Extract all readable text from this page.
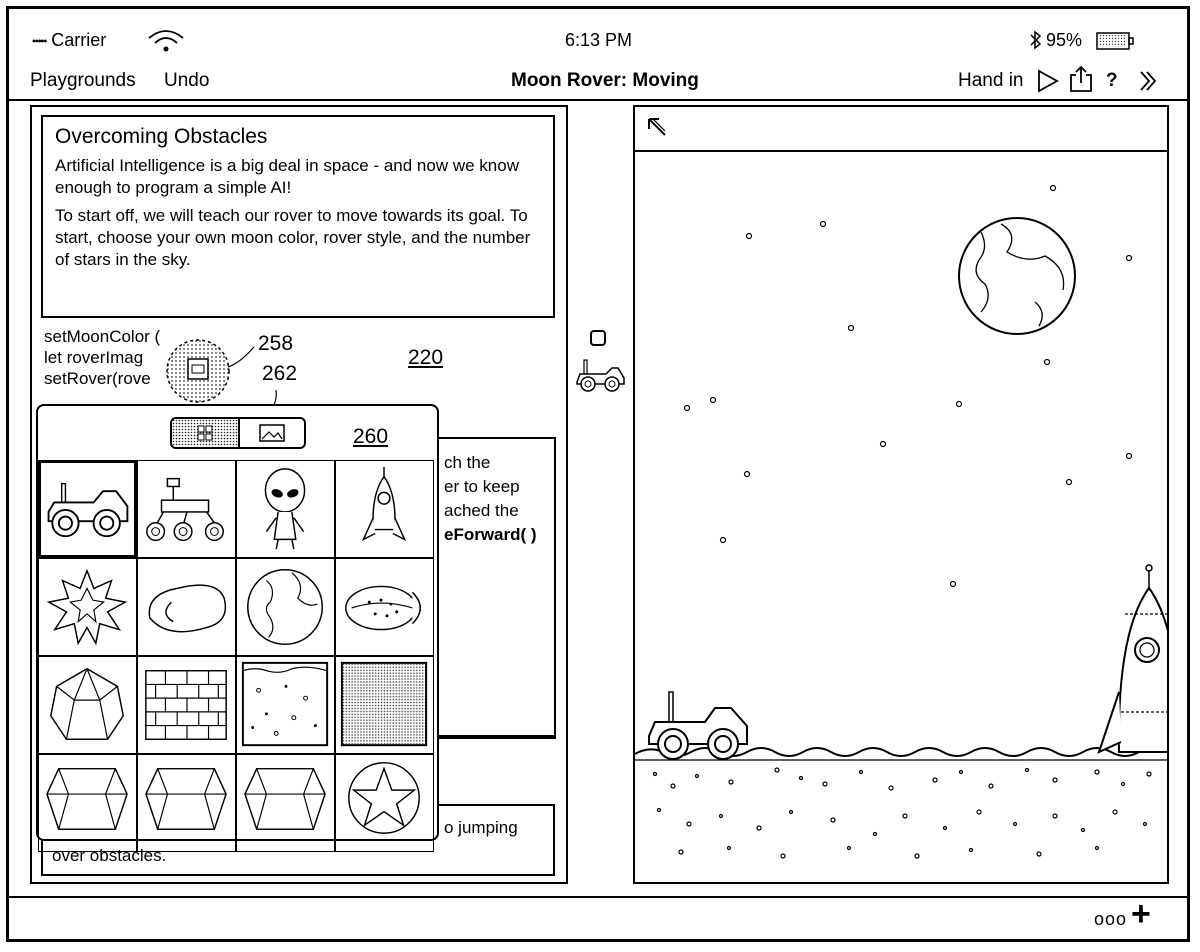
••••• Carrier	6:13 PM	95%
Playgrounds Undo	Moon Rover: Moving	Hand in	?
Overcoming Obstacles
Artificial Intelligence is a big deal in space - and now we know enough to program a simple AI!
To start off, we will teach our rover to move towards its goal. To start, choose your own moon color, rover style, and the number of stars in the sky.
setMoonColor (
let roverImag
setRover(rove
258
262
220
ch the
er to keep
ached the
eForward( )
o jumping
over obstacles.
260
ooo +
